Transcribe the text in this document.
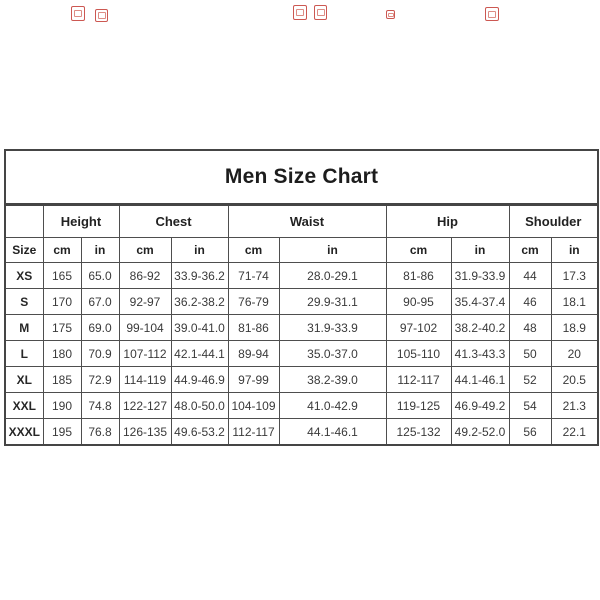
Men Size Chart										
	Height		Chest		Waist		Hip		Shoulder	
Size	cm	in	cm	in	cm	in	cm	in	cm	in
XS	165	65.0	86-92	33.9-36.2	71-74	28.0-29.1	81-86	31.9-33.9	44	17.3
S	170	67.0	92-97	36.2-38.2	76-79	29.9-31.1	90-95	35.4-37.4	46	18.1
M	175	69.0	99-104	39.0-41.0	81-86	31.9-33.9	97-102	38.2-40.2	48	18.9
L	180	70.9	107-112	42.1-44.1	89-94	35.0-37.0	105-110	41.3-43.3	50	20
XL	185	72.9	114-119	44.9-46.9	97-99	38.2-39.0	112-117	44.1-46.1	52	20.5
XXL	190	74.8	122-127	48.0-50.0	104-109	41.0-42.9	119-125	46.9-49.2	54	21.3
XXXL	195	76.8	126-135	49.6-53.2	112-117	44.1-46.1	125-132	49.2-52.0	56	22.1
